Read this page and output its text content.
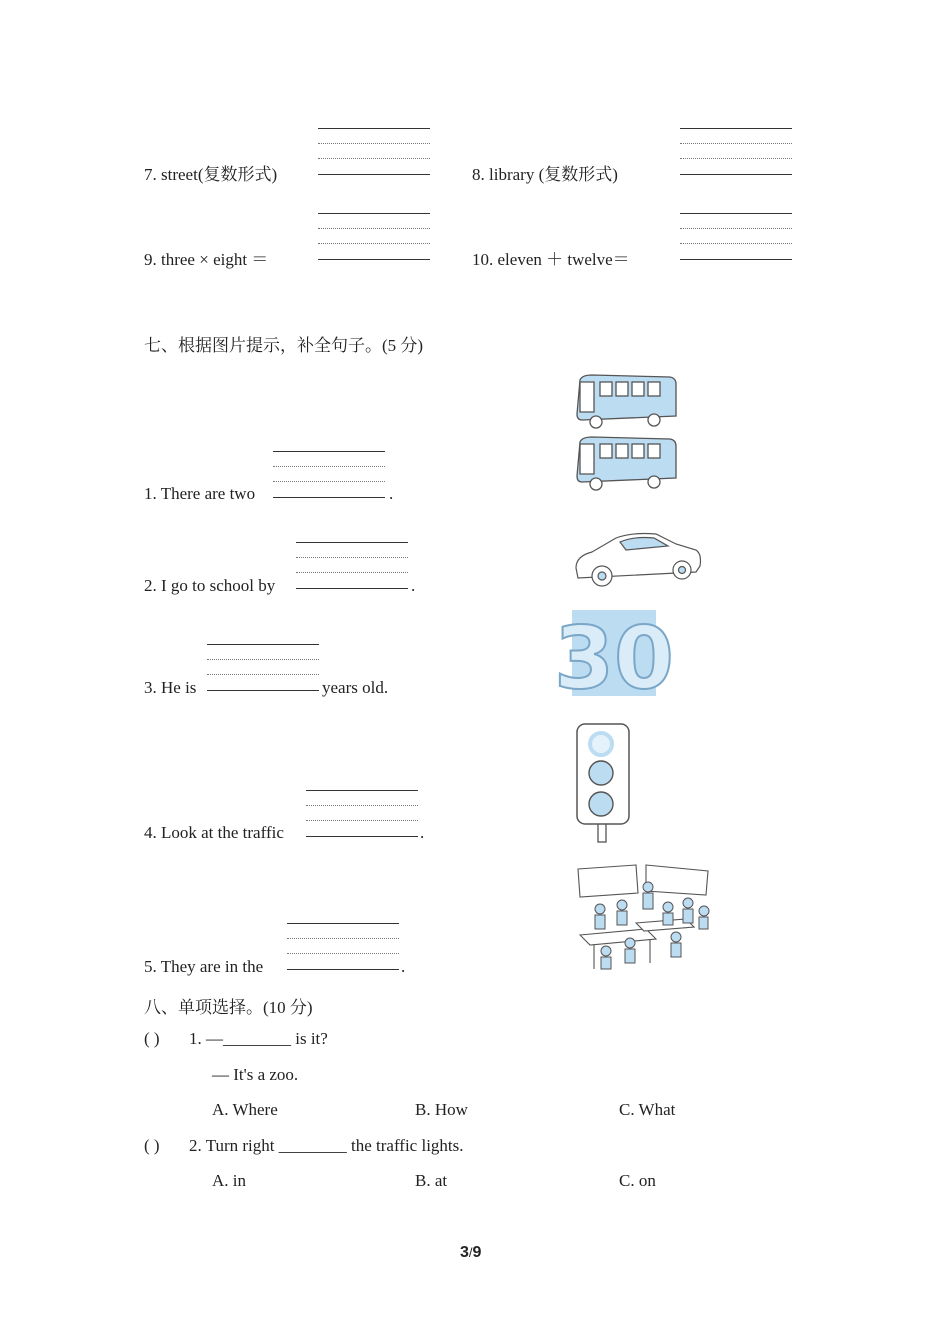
7. street(复数形式)	8. library (复数形式)
9. three × eight ＝	10. eleven ＋ twelve＝
七、根据图片提示，补全句子。(5 分)
1. There are two	.
2. I go to school by	.
3. He is	years old.
4. Look at the traffic	.
5. They are in the	.
30
八、单项选择。(10 分)
( ) 1. —________ is it?
— It's a zoo.
A. Where	B. How	C. What
( ) 2. Turn right ________ the traffic lights.
A. in	B. at	C. on
3/9
